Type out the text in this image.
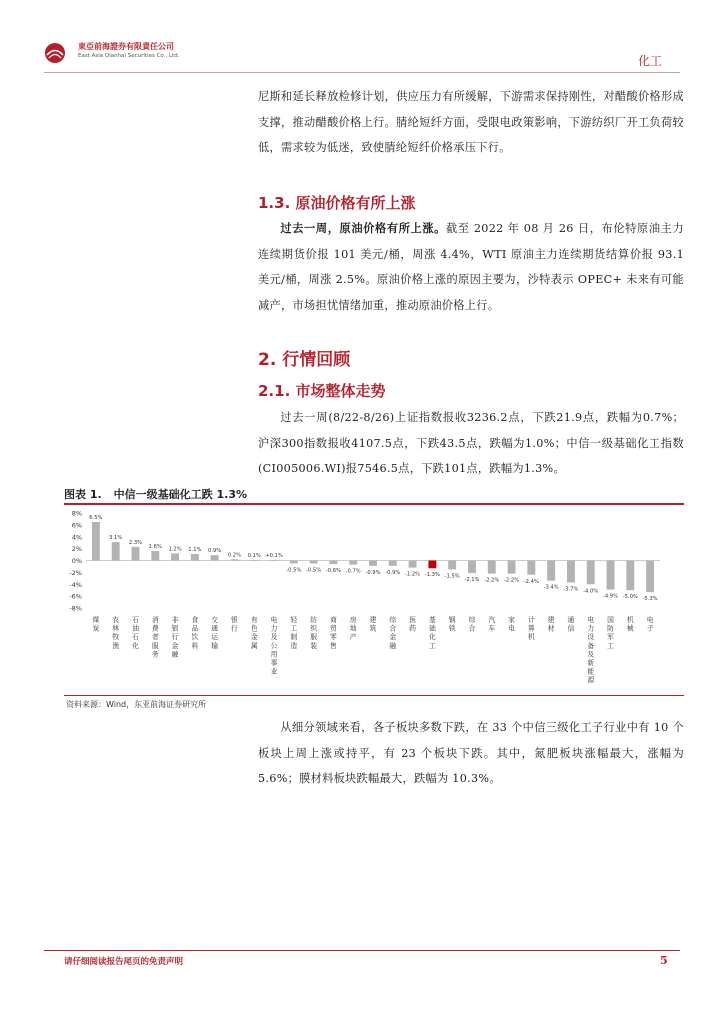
東亞前海證券有限責任公司
East Asia Qianhai Securities Co., Ltd.	化工

尼斯和延长释放检修计划，供应压力有所缓解，下游需求保持刚性，对醋酸价格形成支撑，推动醋酸价格上行。腈纶短纤方面，受限电政策影响，下游纺织厂开工负荷较低，需求较为低迷，致使腈纶短纤价格承压下行。

1.3. 原油价格有所上涨

过去一周，原油价格有所上涨。截至 2022 年 08 月 26 日，布伦特原油主力连续期货价报 101 美元/桶，周涨 4.4%，WTI 原油主力连续期货结算价报 93.1 美元/桶，周涨 2.5%。原油价格上涨的原因主要为，沙特表示 OPEC+ 未来有可能减产，市场担忧情绪加重，推动原油价格上行。

2. 行情回顾
2.1. 市场整体走势

过去一周(8/22-8/26)上证指数报收3236.2点，下跌21.9点，跌幅为0.7%；沪深300指数报收4107.5点，下跌43.5点，跌幅为1.0%；中信一级基础化工指数(CI005006.WI)报7546.5点，下跌101点，跌幅为1.3%。

图表 1. 中信一级基础化工跌 1.3%
8%
6%
4%
2%
0%
-2%
-4%
-6%
-8%
6.5%
煤
炭
3.1%
农
林
牧
渔
2.3%
石
油
石
化
1.6%
消
费
者
服
务
1.2%
非
银
行
金
融
1.1%
食
品
饮
料
0.9%
交
通
运
输
0.2%
银
行
0.1%
有
色
金
属
+0.1%
电
力
及
公
用
事
业
-0.5%
轻
工
制
造
-0.5%
纺
织
服
装
-0.6%
商
贸
零
售
-0.7%
房
地
产
-0.9%
建
筑
-0.9%
综
合
金
融
-1.2%
医
药
-1.3%
基
础
化
工
-1.5%
钢
铁
-2.1%
综
合
-2.2%
汽
车
-2.2%
家
电
-2.4%
计
算
机
-3.4%
建
材
-3.7%
通
信
-4.0%
电
力
设
备
及
新
能
源
-4.9%
国
防
军
工
-5.0%
机
械
-5.3%
电
子
资料来源：Wind，东亚前海证券研究所

从细分领域来看，各子板块多数下跌，在 33 个中信三级化工子行业中有 10 个板块上周上涨或持平，有 23 个板块下跌。其中，氮肥板块涨幅最大，涨幅为 5.6%；膜材料板块跌幅最大，跌幅为 10.3%。

请仔细阅读报告尾页的免责声明	5
